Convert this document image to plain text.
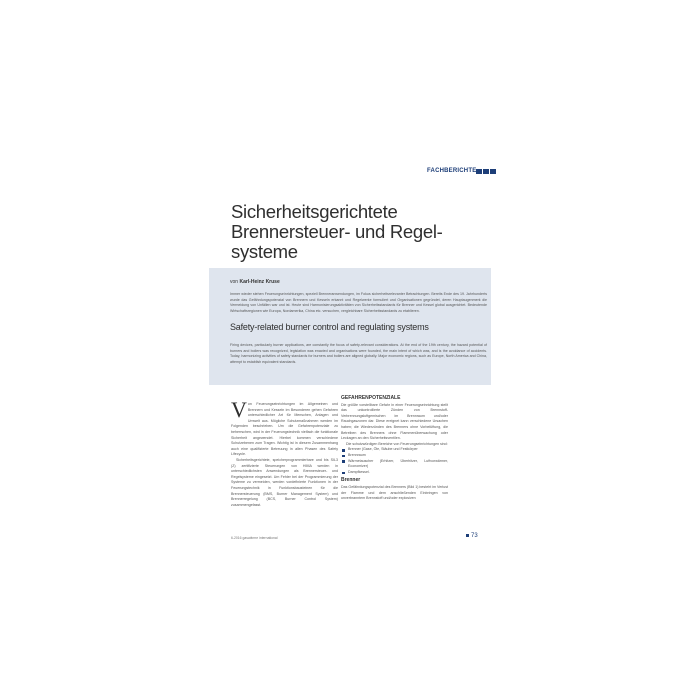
FACHBERICHTE
Sicherheitsgerichtete Brennersteuer- und Regel-systeme
von Karl-Heinz Kruse
Immer wieder stehen Feuerungseinrichtungen, speziell Brenneranwendungen, im Fokus sicherheitsrelevanter Betrachtungen. Bereits Ende des 19. Jahrhunderts wurde das Gefährdungspotenzial von Brennern und Kesseln erkannt und Regelwerke formuliert und Organisationen gegründet, deren Hauptaugenmerk die Vermeidung von Unfällen war und ist. Heute sind Harmonisierungsaktivitäten von Sicherheitsstandards für Brenner und Kessel global ausgerichtet. Bedeutende Wirtschaftsregionen wie Europa, Nordamerika, China etc. versuchen, vergleichbare Sicherheitsstandards zu etablieren.
Safety-related burner control and regulating systems
Firing devices, particularly burner applications, are constantly the focus of safety-relevant considerations. At the end of the 19th century, the hazard potential of burners and boilers was recognized, legislation was enacted and organisations were founded, the main intent of which was, and is the avoidance of accidents. Today, harmonizing activities of safety standards for burners and boilers are aligned globally. Major economic regions, such as Europe, North America and China, attempt to establish equivalent standards.
V on Feuerungseinrichtungen im Allgemeinen und Brennern und Kesseln im Besonderen gehen Gefahren unterschiedlicher Art für Menschen, Anlagen und Umwelt aus. Mögliche Schutzmaßnahmen werden im Folgenden beschrieben. Um die Gefahrenpotenziale zu beherrschen, wird in der Feuerungstechnik vielfach die funktionale Sicherheit angewendet. Hierbei kommen verschiedene Schutzebenen zum Tragen. Wichtig ist in diesem Zusammenhang auch eine qualifizierte Betreuung in allen Phasen des Safety Lifecycle.
Sicherheitsgerichtete, speicherprogrammierbare und bis SIL3 (Z) zertifizierte Steuerungen von HIMA werden in unterschiedlichsten Anwendungen als Brennersteuer- und Regelsysteme eingesetzt. Um Fehler bei der Programmierung der Systeme zu vermeiden, werden vordefinierte Funktionen in der Feuerungstechnik in Funktionsbausteinen für die Brennersteuerung (BMS, Burner Management System) und Brennerregelung (BCS, Burner Control System) zusammengefasst.
GEFAHRENPOTENZIALE
Die größte vorstellbare Gefahr in einer Feuerungseinrichtung stellt das unkontrollierte Zünden von Brennstoff-Verbrennungsluftgemischen im Brennraum und/oder Rauchgaszonen dar. Diese ereignet kann verschiedene Ursachen haben; die Wiederzünden des Brenners ohne Vorbelüftung, die Betreiben des Brenners ohne Flammenüberwachung oder Leckagen an den Sicherheitsventilen.
Die schutzwürdigen Bereiche von Feuerungseinrichtungen sind:
Brenner (Gase, Öle, Stäube und Festkörper
Brennraum
Wärmetauscher (Erhitzer, Überhitzer, Luftvorwärmer, Economizer)
Dampfkessel.
Brenner
Das Gefährdungspotenzial des Brenners (Bild 1) besteht im Verlust der Flamme und dem anschließenden Einbringen von unverbranntem Brennstoff und/oder explosiven
6-2016 gaswärme international	73
